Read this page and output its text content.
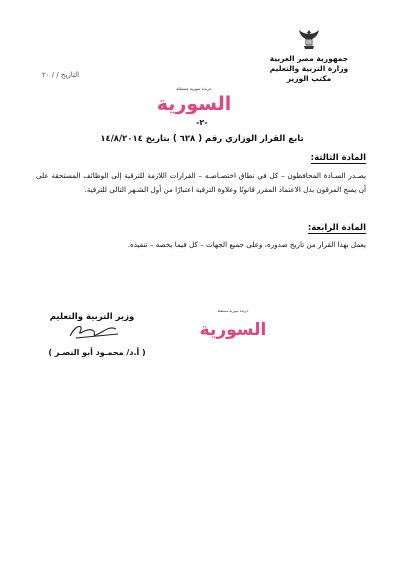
جمهورية مصر العربية
وزارة التربية والتعليم
مكتب الوزير
التاريخ / / ٢٠
جريدة سورية مستقلة
السورية
-٢-
تابع القرار الوزاري رقم ( ٦٢٨ ) بتاريخ ١٤/٨/٢٠١٤
المادة الثالثة:
يصـدر السـادة المحافظون – كل في نطاق اختصـاصـه – القرارات اللازمة للترقية إلى الوظائف المستحقة على أن يمنح المرقون بدل الاعتماد المقرر قانونًا وعلاوة الترقية اعتبارًا من أول الشـهر التالى للترقية.
المادة الرابعة:
يعمل بهذا القرار من تاريخ صدوره، وعلى جميع الجهات – كل فيما يخصه – تنفيذه.
وزير التربية والتعليم
( أ.د/ محمـود أبو النصـر )
جريدة سورية مستقلة
السورية
